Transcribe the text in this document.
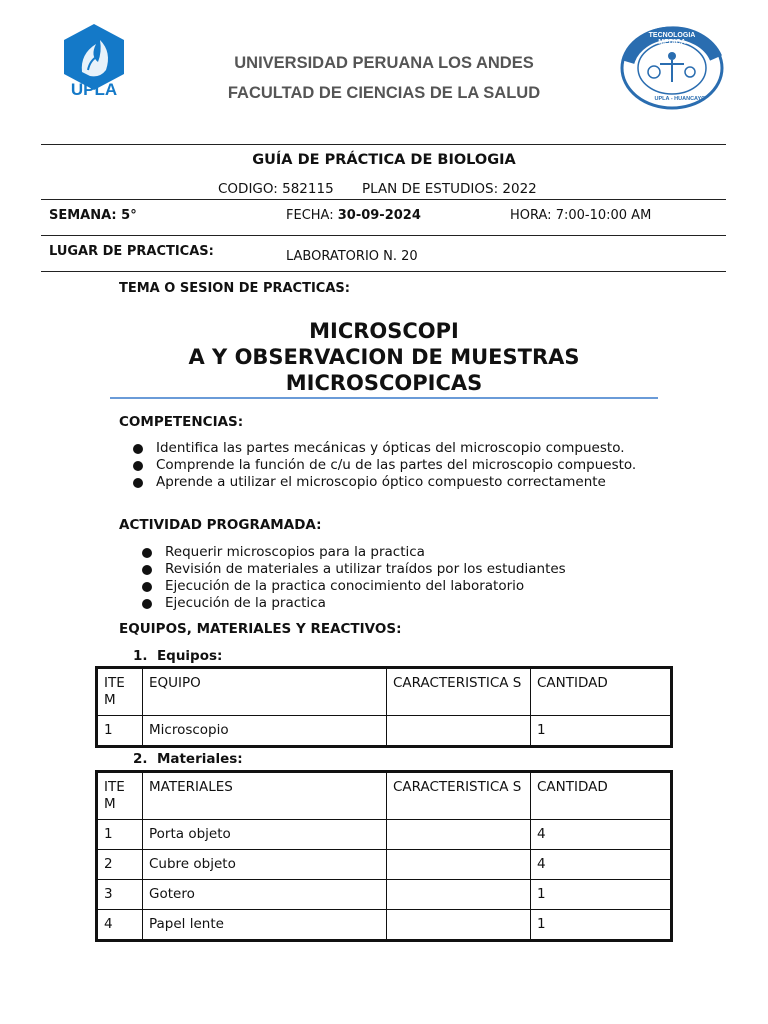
UPLA
TECNOLOGIA MEDICA
UPLA - HUANCAYO
UNIVERSIDAD PERUANA LOS ANDES
FACULTAD DE CIENCIAS DE LA SALUD
GUÍA DE PRÁCTICA DE BIOLOGIA
CODIGO: 582115 PLAN DE ESTUDIOS: 2022
SEMANA: 5°	FECHA: 30-09-2024	HORA: 7:00-10:00 AM
LUGAR DE PRACTICAS:	LABORATORIO N. 20
TEMA O SESION DE PRACTICAS:
MICROSCOPI
A Y OBSERVACION DE MUESTRAS
MICROSCOPICAS
COMPETENCIAS:
Identifica las partes mecánicas y ópticas del microscopio compuesto.
Comprende la función de c/u de las partes del microscopio compuesto.
Aprende a utilizar el microscopio óptico compuesto correctamente
ACTIVIDAD PROGRAMADA:
Requerir microscopios para la practica
Revisión de materiales a utilizar traídos por los estudiantes
Ejecución de la practica conocimiento del laboratorio
Ejecución de la practica
EQUIPOS, MATERIALES Y REACTIVOS:
1. Equipos:
ITE M	EQUIPO	CARACTERISTICA S	CANTIDAD
1	Microscopio		1
2. Materiales:
ITE M	MATERIALES	CARACTERISTICA S	CANTIDAD
1	Porta objeto		4
2	Cubre objeto		4
3	Gotero		1
4	Papel lente		1
